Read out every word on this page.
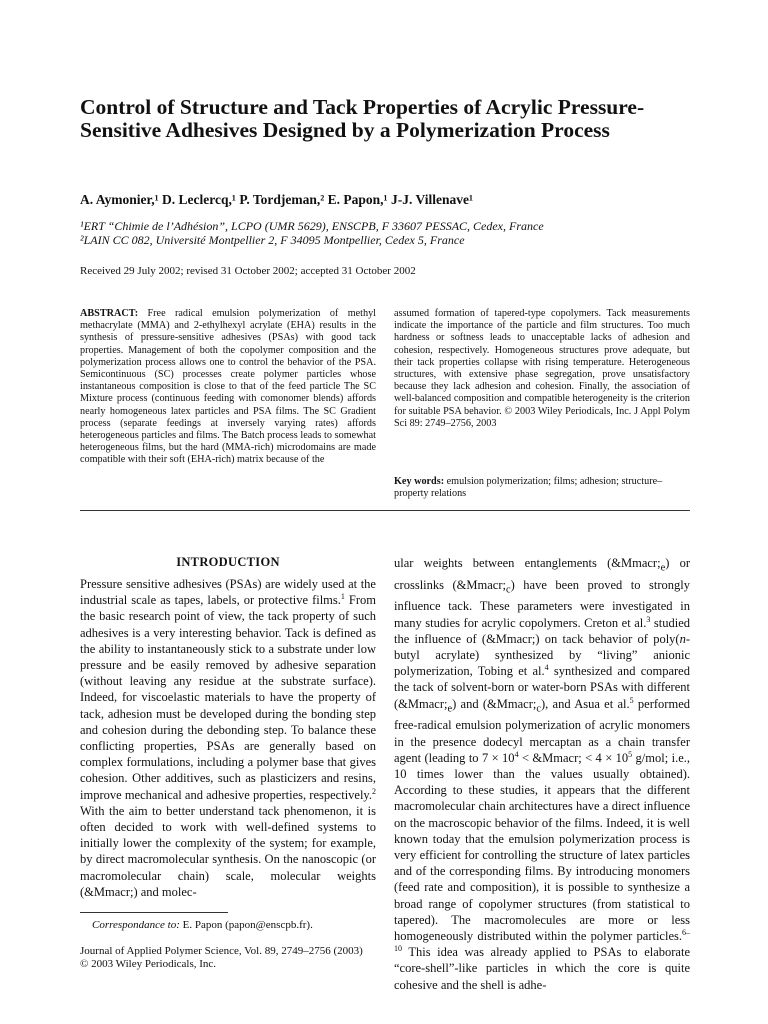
Control of Structure and Tack Properties of Acrylic Pressure-Sensitive Adhesives Designed by a Polymerization Process
A. Aymonier,¹ D. Leclercq,¹ P. Tordjeman,² E. Papon,¹ J-J. Villenave¹
¹ERT “Chimie de l’Adhésion”, LCPO (UMR 5629), ENSCPB, F 33607 PESSAC, Cedex, France
²LAIN CC 082, Université Montpellier 2, F 34095 Montpellier, Cedex 5, France
Received 29 July 2002; revised 31 October 2002; accepted 31 October 2002
ABSTRACT: Free radical emulsion polymerization of methyl methacrylate (MMA) and 2-ethylhexyl acrylate (EHA) results in the synthesis of pressure-sensitive adhesives (PSAs) with good tack properties. Management of both the copolymer composition and the polymerization process allows one to control the behavior of the PSA. Semicontinuous (SC) processes create polymer particles whose instantaneous composition is close to that of the feed particle The SC Mixture process (continuous feeding with comonomer blends) affords nearly homogeneous latex particles and PSA films. The SC Gradient process (separate feedings at inversely varying rates) affords heterogeneous particles and films. The Batch process leads to somewhat heterogeneous films, but the hard (MMA-rich) microdomains are made compatible with their soft (EHA-rich) matrix because of the
assumed formation of tapered-type copolymers. Tack measurements indicate the importance of the particle and film structures. Too much hardness or softness leads to unacceptable lacks of adhesion and cohesion, respectively. Homogeneous structures prove adequate, but their tack properties collapse with rising temperature. Heterogeneous structures, with extensive phase segregation, prove unsatisfactory because they lack adhesion and cohesion. Finally, the association of well-balanced composition and compatible heterogeneity is the criterion for suitable PSA behavior. © 2003 Wiley Periodicals, Inc. J Appl Polym Sci 89: 2749–2756, 2003
Key words: emulsion polymerization; films; adhesion; structure–property relations
INTRODUCTION
Pressure sensitive adhesives (PSAs) are widely used at the industrial scale as tapes, labels, or protective films.$^1$ From the basic research point of view, the tack property of such adhesives is a very interesting behavior. Tack is defined as the ability to instantaneously stick to a substrate under low pressure and be easily removed by adhesive separation (without leaving any residue at the substrate surface). Indeed, for viscoelastic materials to have the property of tack, adhesion must be developed during the bonding step and cohesion during the debonding step. To balance these conflicting properties, PSAs are generally based on complex formulations, including a polymer base that gives cohesion. Other additives, such as plasticizers and resins, improve mechanical and adhesive properties, respectively.$^2$ With the aim to better understand tack phenomenon, it is often decided to work with well-defined systems to initially lower the complexity of the system; for example, by direct macromolecular synthesis. On the nanoscopic (or macromolecular chain) scale, molecular weights (&Mmacr;) and molec-
ular weights between entanglements $(\&Mmacr;_e)$ or crosslinks $(\&Mmacr;_c)$ have been proved to strongly influence tack. These parameters were investigated in many studies for acrylic copolymers. Creton et al.$^3$ studied the influence of (&Mmacr;) on tack behavior of poly(n-butyl acrylate) synthesized by “living” anionic polymerization, Tobing et al.$^4$ synthesized and compared the tack of solvent-born or water-born PSAs with different $(\&Mmacr;_e)$ and $(\&Mmacr;_c)$, and Asua et al.$^5$ performed free-radical emulsion polymerization of acrylic monomers in the presence dodecyl mercaptan as a chain transfer agent (leading to $7 \times 10^4$ < &Mmacr; < $4 \times 10^5$ g/mol; i.e., 10 times lower than the values usually obtained). According to these studies, it appears that the different macromolecular chain architectures have a direct influence on the macroscopic behavior of the films. Indeed, it is well known today that the emulsion polymerization process is very efficient for controlling the structure of latex particles and of the corresponding films. By introducing monomers (feed rate and composition), it is possible to synthesize a broad range of copolymer structures (from statistical to tapered). The macromolecules are more or less homogeneously distributed within the polymer particles.$^{6-10}$ This idea was already applied to PSAs to elaborate “core-shell”-like particles in which the core is quite cohesive and the shell is adhe-
Correspondance to: E. Papon (papon@enscpb.fr).
Journal of Applied Polymer Science, Vol. 89, 2749–2756 (2003)
© 2003 Wiley Periodicals, Inc.
